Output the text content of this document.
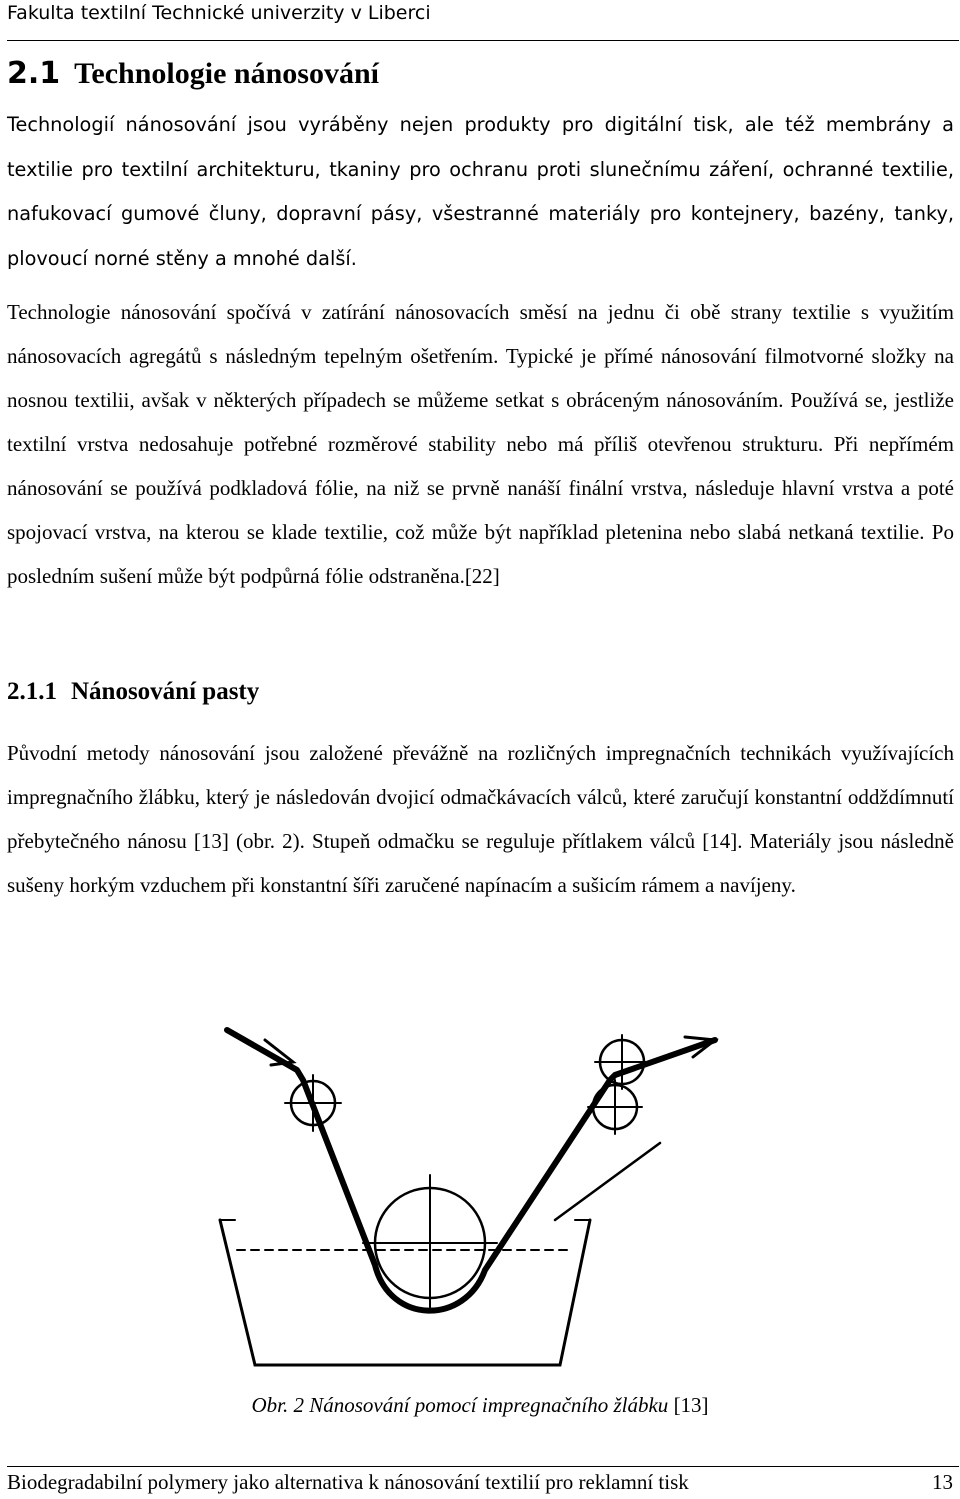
Fakulta textilní Technické univerzity v Liberci
2.1 Technologie nánosování

Technologií nánosování jsou vyráběny nejen produkty pro digitální tisk, ale též membrány a textilie pro textilní architekturu, tkaniny pro ochranu proti slunečnímu záření, ochranné textilie, nafukovací gumové čluny, dopravní pásy, všestranné materiály pro kontejnery, bazény, tanky, plovoucí norné stěny a mnohé další.

Technologie nánosování spočívá v zatírání nánosovacích směsí na jednu či obě strany textilie s využitím nánosovacích agregátů s následným tepelným ošetřením. Typické je přímé nánosování filmotvorné složky na nosnou textilii, avšak v některých případech se můžeme setkat s obráceným nánosováním. Používá se, jestliže textilní vrstva nedosahuje potřebné rozměrové stability nebo má příliš otevřenou strukturu. Při nepřímém nánosování se používá podkladová fólie, na niž se prvně nanáší finální vrstva, následuje hlavní vrstva a poté spojovací vrstva, na kterou se klade textilie, což může být například pletenina nebo slabá netkaná textilie. Po posledním sušení může být podpůrná fólie odstraněna.[22]

2.1.1 Nánosování pasty

Původní metody nánosování jsou založené převážně na rozličných impregnačních technikách využívajících impregnačního žlábku, který je následován dvojicí odmačkávacích válců, které zaručují konstantní oddždímnutí přebytečného nánosu [13] (obr. 2). Stupeň odmačku se reguluje přítlakem válců [14]. Materiály jsou následně sušeny horkým vzduchem při konstantní šíři zaručené napínacím a sušicím rámem a navíjeny.

Obr. 2 Nánosování pomocí impregnačního žlábku [13]
Biodegradabilní polymery jako alternativa k nánosování textilií pro reklamní tisk	13
